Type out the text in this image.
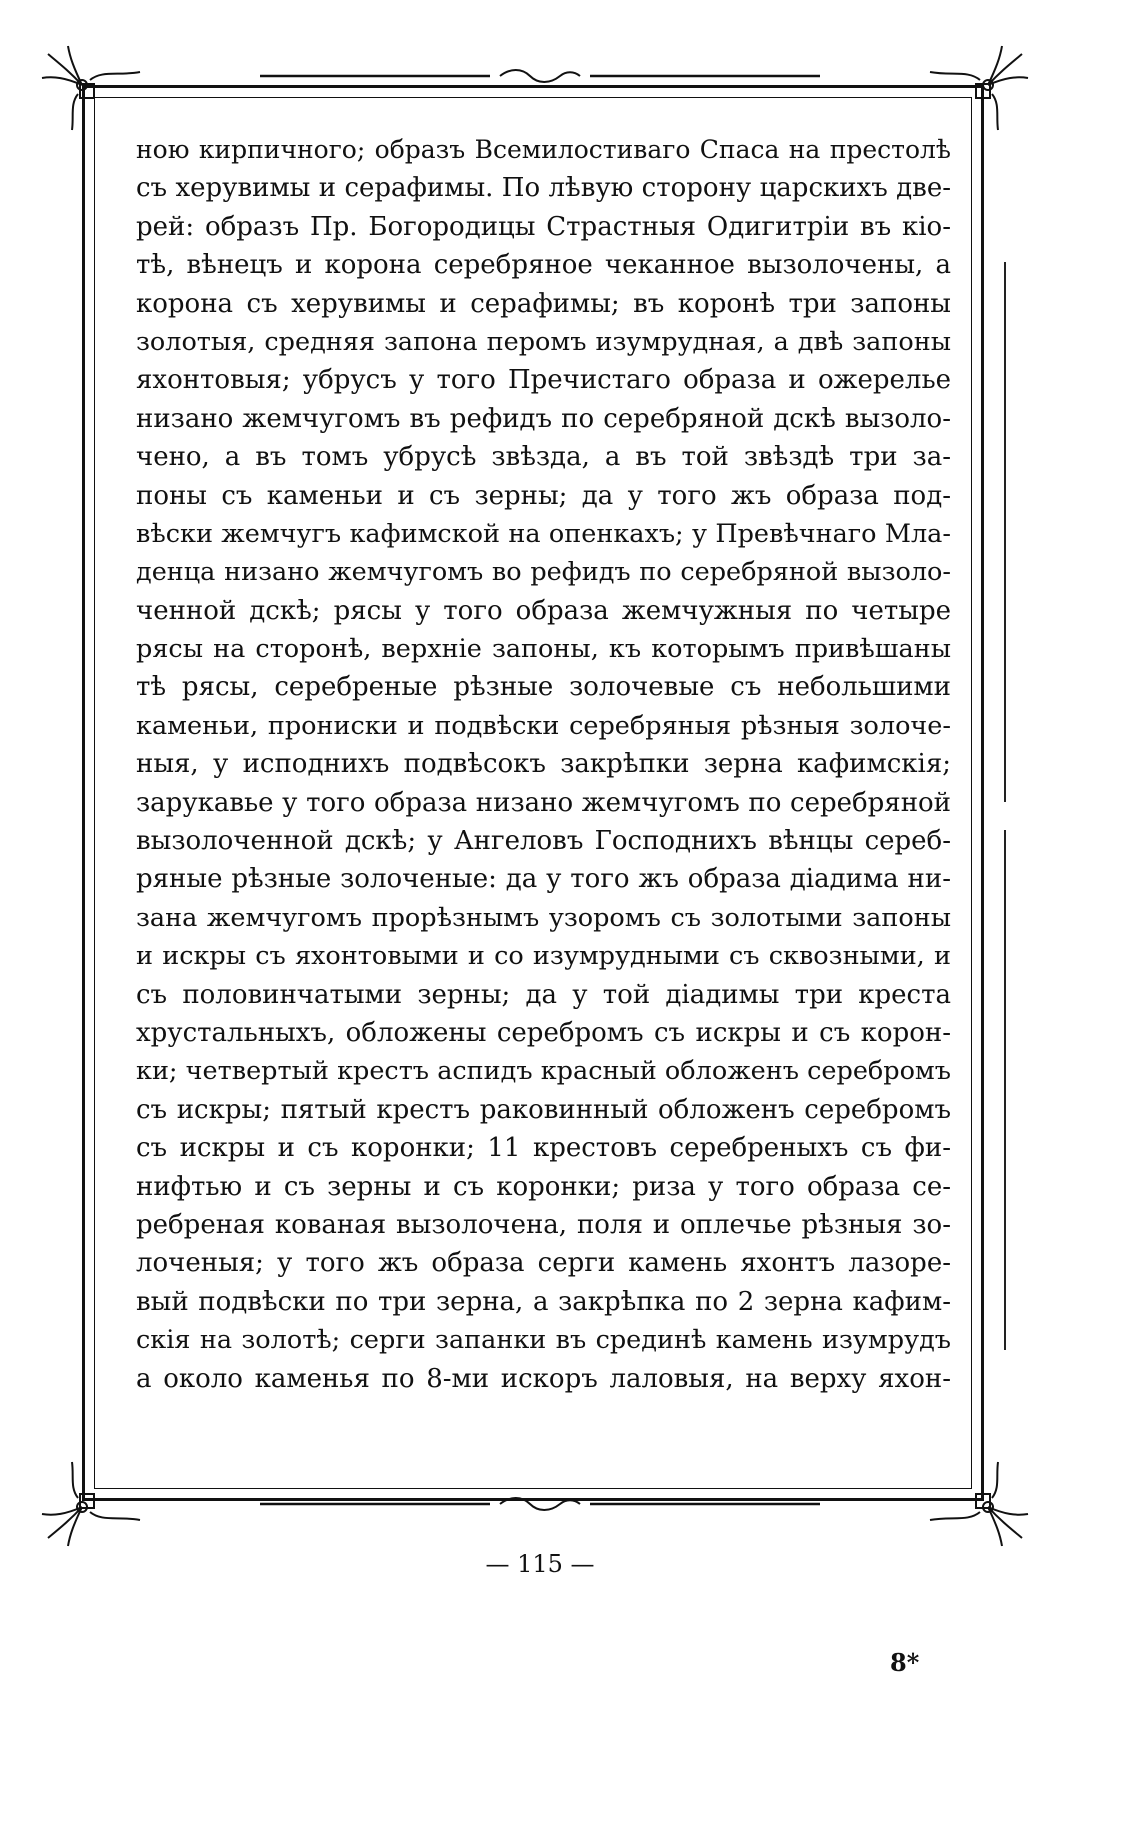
ною кирпичного; образъ Всемилостиваго Спаса на престолѣ
съ херувимы и серафимы. По лѣвую сторону царскихъ две-
рей: образъ Пр. Богородицы Страстныя Одигитріи въ кіо-
тѣ, вѣнецъ и корона серебряное чеканное вызолочены, а
корона съ херувимы и серафимы; въ коронѣ три запоны
золотыя, средняя запона перомъ изумрудная, а двѣ запоны
яхонтовыя; убрусъ у того Пречистаго образа и ожерелье
низано жемчугомъ въ рефидъ по серебряной дскѣ вызоло-
чено, а въ томъ убрусѣ звѣзда, а въ той звѣздѣ три за-
поны съ каменьи и съ зерны; да у того жъ образа под-
вѣски жемчугъ кафимской на опенкахъ; у Превѣчнаго Мла-
денца низано жемчугомъ во рефидъ по серебряной вызоло-
ченной дскѣ; рясы у того образа жемчужныя по четыре
рясы на сторонѣ, верхніе запоны, къ которымъ привѣшаны
тѣ рясы, серебреные рѣзные золочевые съ небольшими
каменьи, прониски и подвѣски серебряныя рѣзныя золоче-
ныя, у исподнихъ подвѣсокъ закрѣпки зерна кафимскія;
зарукавье у того образа низано жемчугомъ по серебряной
вызолоченной дскѣ; у Ангеловъ Господнихъ вѣнцы сереб-
ряные рѣзные золоченые: да у того жъ образа діадима ни-
зана жемчугомъ прорѣзнымъ узоромъ съ золотыми запоны
и искры съ яхонтовыми и со изумрудными съ сквозными, и
съ половинчатыми зерны; да у той діадимы три креста
хрустальныхъ, обложены серебромъ съ искры и съ корон-
ки; четвертый крестъ аспидъ красный обложенъ серебромъ
съ искры; пятый крестъ раковинный обложенъ серебромъ
съ искры и съ коронки; 11 крестовъ серебреныхъ съ фи-
нифтью и съ зерны и съ коронки; риза у того образа се-
ребреная кованая вызолочена, поля и оплечье рѣзныя зо-
лоченыя; у того жъ образа серги камень яхонтъ лазоре-
вый подвѣски по три зерна, а закрѣпка по 2 зерна кафим-
скія на золотѣ; серги запанки въ срединѣ камень изумрудъ
а около каменья по 8-ми искоръ лаловыя, на верху яхон-
— 115 —
8*
